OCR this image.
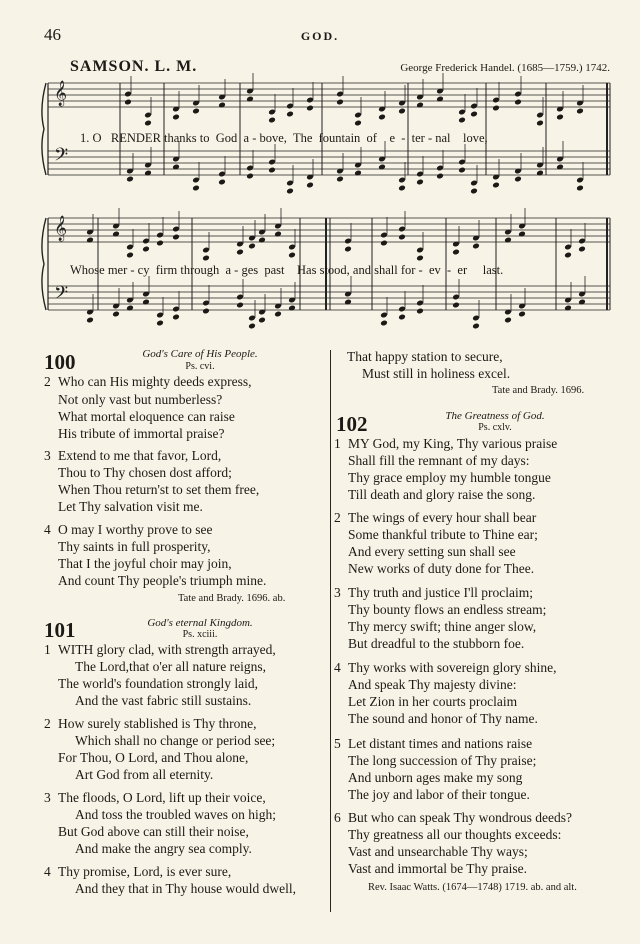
46	GOD.
SAMSON. L. M.	George Frederick Handel. (1685—1759.) 1742.
𝄞
𝄢
𝄞
𝄢
1. O   RENDER thanks to  God  a - bove,  The  fountain  of    e  -  ter - nal    love,
Whose mer - cy  firm through  a - ges  past    Has stood, and shall for -  ev  -  er     last.
100	God's Care of His People.
Ps. cvi.
2 Who can His mighty deeds express,
Not only vast but numberless?
What mortal eloquence can raise
His tribute of immortal praise?
3 Extend to me that favor, Lord,
Thou to Thy chosen dost afford;
When Thou return'st to set them free,
Let Thy salvation visit me.
4 O may I worthy prove to see
Thy saints in full prosperity,
That I the joyful choir may join,
And count Thy people's triumph mine.
Tate and Brady. 1696. ab.
101	God's eternal Kingdom.
Ps. xciii.
1 WITH glory clad, with strength arrayed,
The Lord,that o'er all nature reigns,
The world's foundation strongly laid,
And the vast fabric still sustains.
2 How surely stablished is Thy throne,
Which shall no change or period see;
For Thou, O Lord, and Thou alone,
Art God from all eternity.
3 The floods, O Lord, lift up their voice,
And toss the troubled waves on high;
But God above can still their noise,
And make the angry sea comply.
4 Thy promise, Lord, is ever sure,
And they that in Thy house would dwell,
That happy station to secure,
Must still in holiness excel.
Tate and Brady. 1696.
102	The Greatness of God.
Ps. cxlv.
1 MY God, my King, Thy various praise
Shall fill the remnant of my days:
Thy grace employ my humble tongue
Till death and glory raise the song.
2 The wings of every hour shall bear
Some thankful tribute to Thine ear;
And every setting sun shall see
New works of duty done for Thee.
3 Thy truth and justice I'll proclaim;
Thy bounty flows an endless stream;
Thy mercy swift; thine anger slow,
But dreadful to the stubborn foe.
4 Thy works with sovereign glory shine,
And speak Thy majesty divine:
Let Zion in her courts proclaim
The sound and honor of Thy name.
5 Let distant times and nations raise
The long succession of Thy praise;
And unborn ages make my song
The joy and labor of their tongue.
6 But who can speak Thy wondrous deeds?
Thy greatness all our thoughts exceeds:
Vast and unsearchable Thy ways;
Vast and immortal be Thy praise.
Rev. Isaac Watts. (1674—1748) 1719. ab. and alt.
